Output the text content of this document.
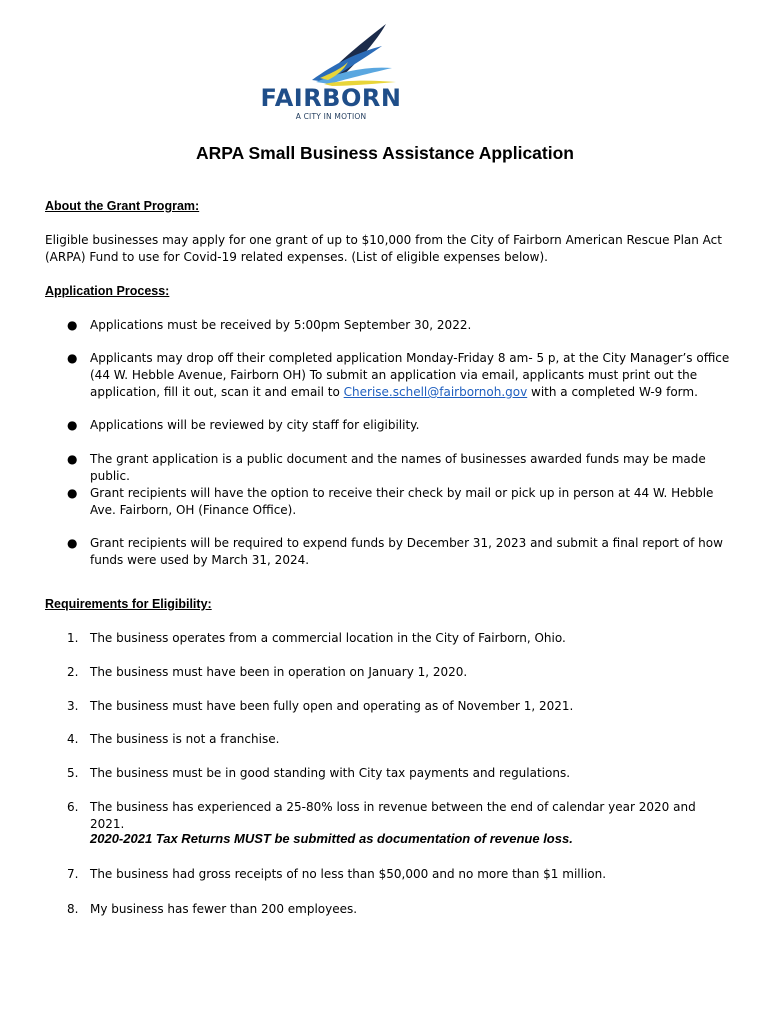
FAIRBORN
A CITY IN MOTION
ARPA Small Business Assistance Application
About the Grant Program:
Eligible businesses may apply for one grant of up to $10,000 from the City of Fairborn American Rescue Plan Act (ARPA) Fund to use for Covid-19 related expenses. (List of eligible expenses below).
Application Process:
● Applications must be received by 5:00pm September 30, 2022.
● Applicants may drop off their completed application Monday-Friday 8 am- 5 p, at the City Manager’s office (44 W. Hebble Avenue, Fairborn OH) To submit an application via email, applicants must print out the application, fill it out, scan it and email to Cherise.schell@fairbornoh.gov with a completed W-9 form.
● Applications will be reviewed by city staff for eligibility.
● The grant application is a public document and the names of businesses awarded funds may be made public.
● Grant recipients will have the option to receive their check by mail or pick up in person at 44 W. Hebble Ave. Fairborn, OH (Finance Office).
● Grant recipients will be required to expend funds by December 31, 2023 and submit a final report of how funds were used by March 31, 2024.
Requirements for Eligibility:
1. The business operates from a commercial location in the City of Fairborn, Ohio.
2. The business must have been in operation on January 1, 2020.
3. The business must have been fully open and operating as of November 1, 2021.
4. The business is not a franchise.
5. The business must be in good standing with City tax payments and regulations.
6. The business has experienced a 25-80% loss in revenue between the end of calendar year 2020 and 2021.
2020-2021 Tax Returns MUST be submitted as documentation of revenue loss.
7. The business had gross receipts of no less than $50,000 and no more than $1 million.
8. My business has fewer than 200 employees.
